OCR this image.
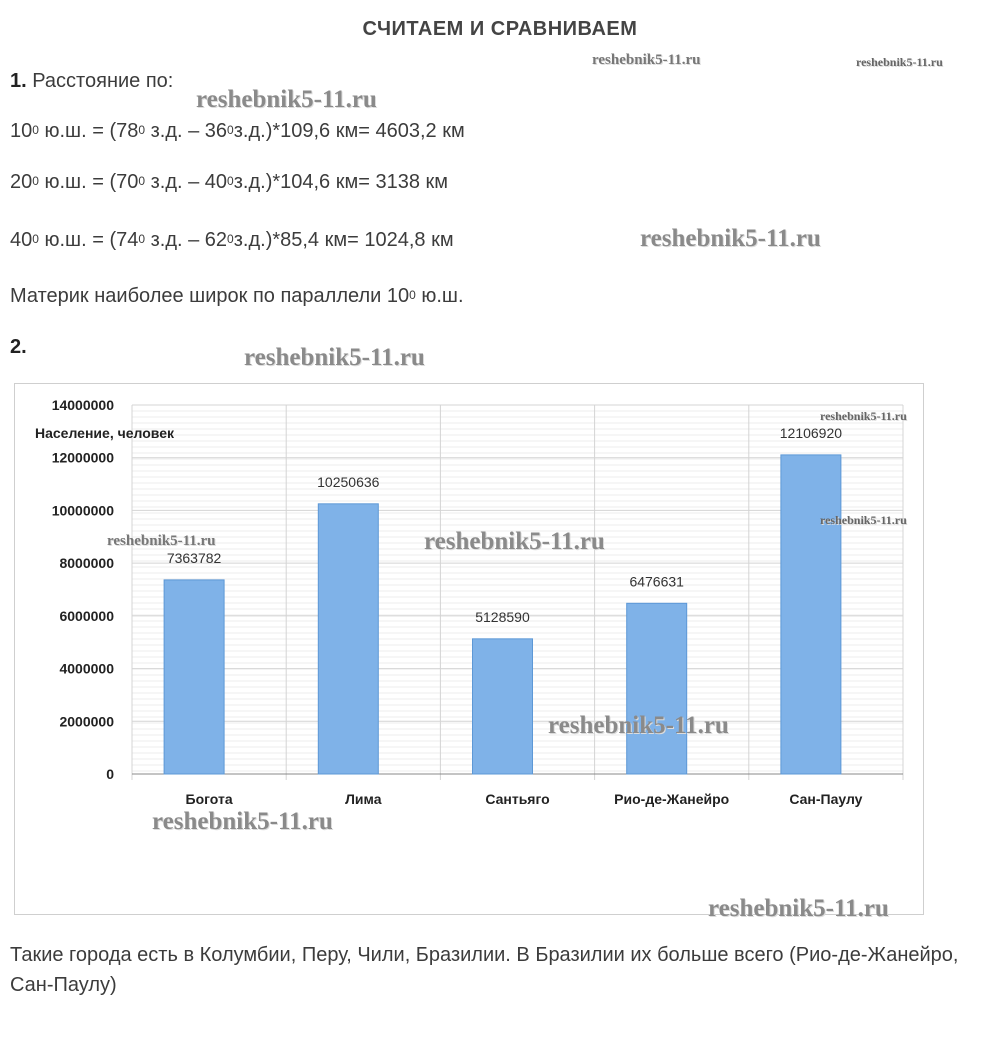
СЧИТАЕМ И СРАВНИВАЕМ
reshebnik5-11.ru	reshebnik5-11.ru
1. Расстояние по:
reshebnik5-11.ru
$10^0$ ю.ш. = ($78^0$ з.д. – $36^0з.д.)*109,6$ км= 4603,2 км
$20^0$ ю.ш. = ($70^0$ з.д. – $40^0з.д.)*104,6$ км= 3138 км
$40^0$ ю.ш. = ($74^0$ з.д. – $62^0з.д.)*85,4$ км= 1024,8 км	reshebnik5-11.ru
Материк наиболее широк по параллели $10^0$ ю.ш.
2.	reshebnik5-11.ru
0
2000000
4000000
6000000
8000000
10000000
12000000
14000000
Население, человек
7363782
Богота
10250636
Лима
5128590
Сантьяго
6476631
Рио-де-Жанейро
12106920
Сан-Паулу
reshebnik5-11.ru	reshebnik5-11.ru
reshebnik5-11.ru
reshebnik5-11.ru
reshebnik5-11.ru
reshebnik5-11.ru
reshebnik5-11.ru
Такие города есть в Колумбии, Перу, Чили, Бразилии. В Бразилии их больше всего (Рио-де-Жанейро, Сан-Паулу)
